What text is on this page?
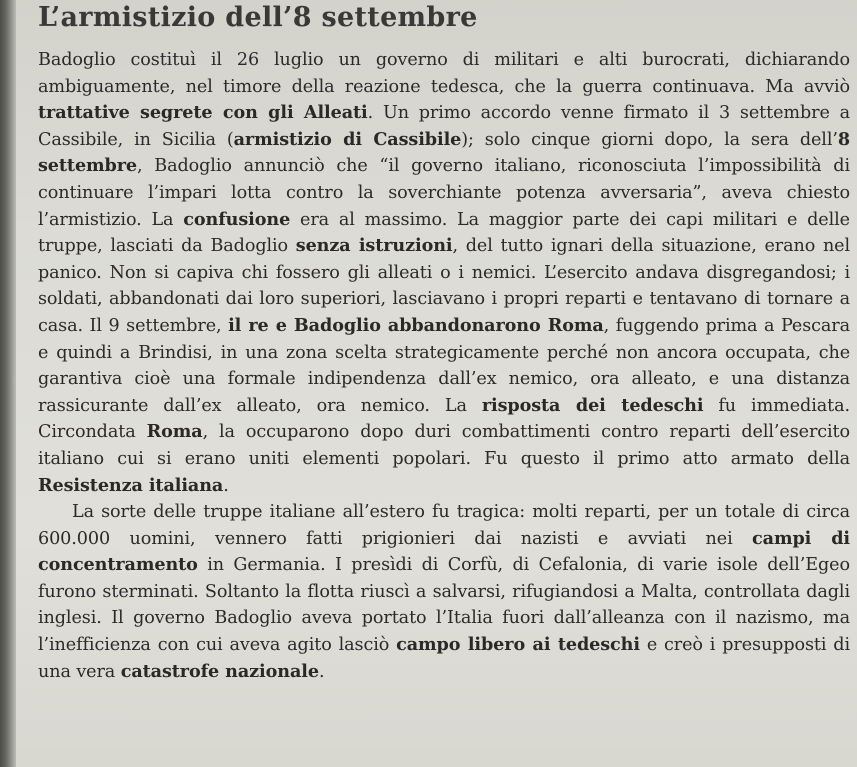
L’armistizio dell’8 settembre

Badoglio costituì il 26 luglio un governo di militari e alti burocrati, dichiarando ambiguamente, nel timore della reazione tedesca, che la guerra continuava. Ma avviò trattative segrete con gli Alleati. Un primo accordo venne firmato il 3 settembre a Cassibile, in Sicilia (armistizio di Cassibile); solo cinque giorni dopo, la sera dell’8 settembre, Badoglio annunciò che “il governo italiano, riconosciuta l’impossibilità di continuare l’impari lotta contro la soverchiante potenza avversaria”, aveva chiesto l’armistizio. La confusione era al massimo. La maggior parte dei capi militari e delle truppe, lasciati da Badoglio senza istruzioni, del tutto ignari della situazione, erano nel panico. Non si capiva chi fossero gli alleati o i nemici. L’esercito andava disgregandosi; i soldati, abbandonati dai loro superiori, lasciavano i propri reparti e tentavano di tornare a casa. Il 9 settembre, il re e Badoglio abbandonarono Roma, fuggendo prima a Pescara e quindi a Brindisi, in una zona scelta strategicamente perché non ancora occupata, che garantiva cioè una formale indipendenza dall’ex nemico, ora alleato, e una distanza rassicurante dall’ex alleato, ora nemico. La risposta dei tedeschi fu immediata. Circondata Roma, la occuparono dopo duri combattimenti contro reparti dell’esercito italiano cui si erano uniti elementi popolari. Fu questo il primo atto armato della Resistenza italiana.

La sorte delle truppe italiane all’estero fu tragica: molti reparti, per un totale di circa 600.000 uomini, vennero fatti prigionieri dai nazisti e avviati nei campi di concentramento in Germania. I presìdi di Corfù, di Cefalonia, di varie isole dell’Egeo furono sterminati. Soltanto la flotta riuscì a salvarsi, rifugiandosi a Malta, controllata dagli inglesi. Il governo Badoglio aveva portato l’Italia fuori dall’alleanza con il nazismo, ma l’inefficienza con cui aveva agito lasciò campo libero ai tedeschi e creò i presupposti di una vera catastrofe nazionale.
